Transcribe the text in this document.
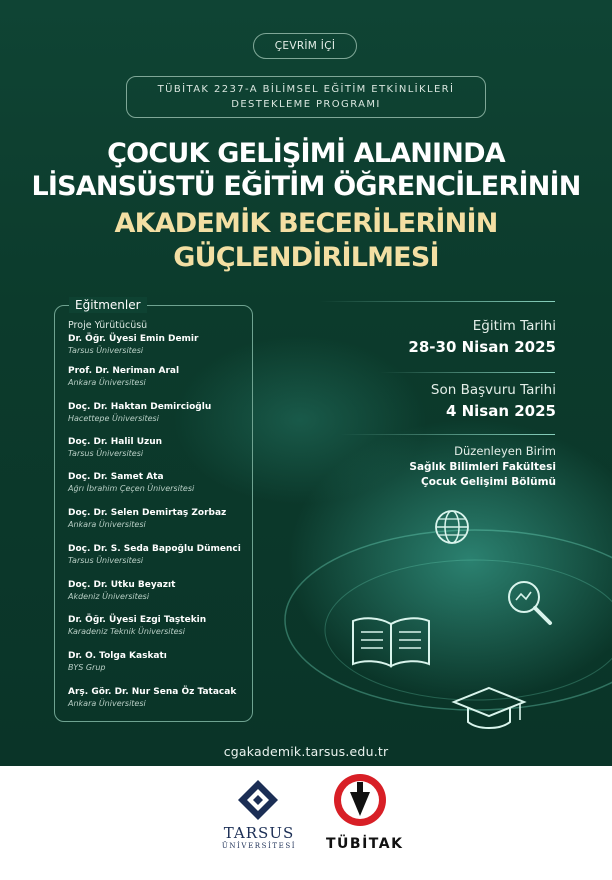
ÇEVRİM İÇİ
TÜBİTAK 2237-A BİLİMSEL EĞİTİM ETKİNLİKLERİ
DESTEKLEME PROGRAMI
ÇOCUK GELİŞİMİ ALANINDA
LİSANSÜSTÜ EĞİTİM ÖĞRENCİLERİNİN
AKADEMİK BECERİLERİNİN
GÜÇLENDİRİLMESİ
Eğitmenler
Proje Yürütücüsü
Dr. Öğr. Üyesi Emin Demir
Tarsus Üniversitesi
Prof. Dr. Neriman Aral
Ankara Üniversitesi
Doç. Dr. Haktan Demircioğlu
Hacettepe Üniversitesi
Doç. Dr. Halil Uzun
Tarsus Üniversitesi
Doç. Dr. Samet Ata
Ağrı İbrahim Çeçen Üniversitesi
Doç. Dr. Selen Demirtaş Zorbaz
Ankara Üniversitesi
Doç. Dr. S. Seda Bapoğlu Dümenci
Tarsus Üniversitesi
Doç. Dr. Utku Beyazıt
Akdeniz Üniversitesi
Dr. Öğr. Üyesi Ezgi Taştekin
Karadeniz Teknik Üniversitesi
Dr. O. Tolga Kaskatı
BYS Grup
Arş. Gör. Dr. Nur Sena Öz Tatacak
Ankara Üniversitesi
Eğitim Tarihi
28-30 Nisan 2025
Son Başvuru Tarihi
4 Nisan 2025
Düzenleyen Birim
Sağlık Bilimleri Fakültesi
Çocuk Gelişimi Bölümü
cgakademik.tarsus.edu.tr
TARSUS
ÜNİVERSİTESİ	TÜBİTAK
